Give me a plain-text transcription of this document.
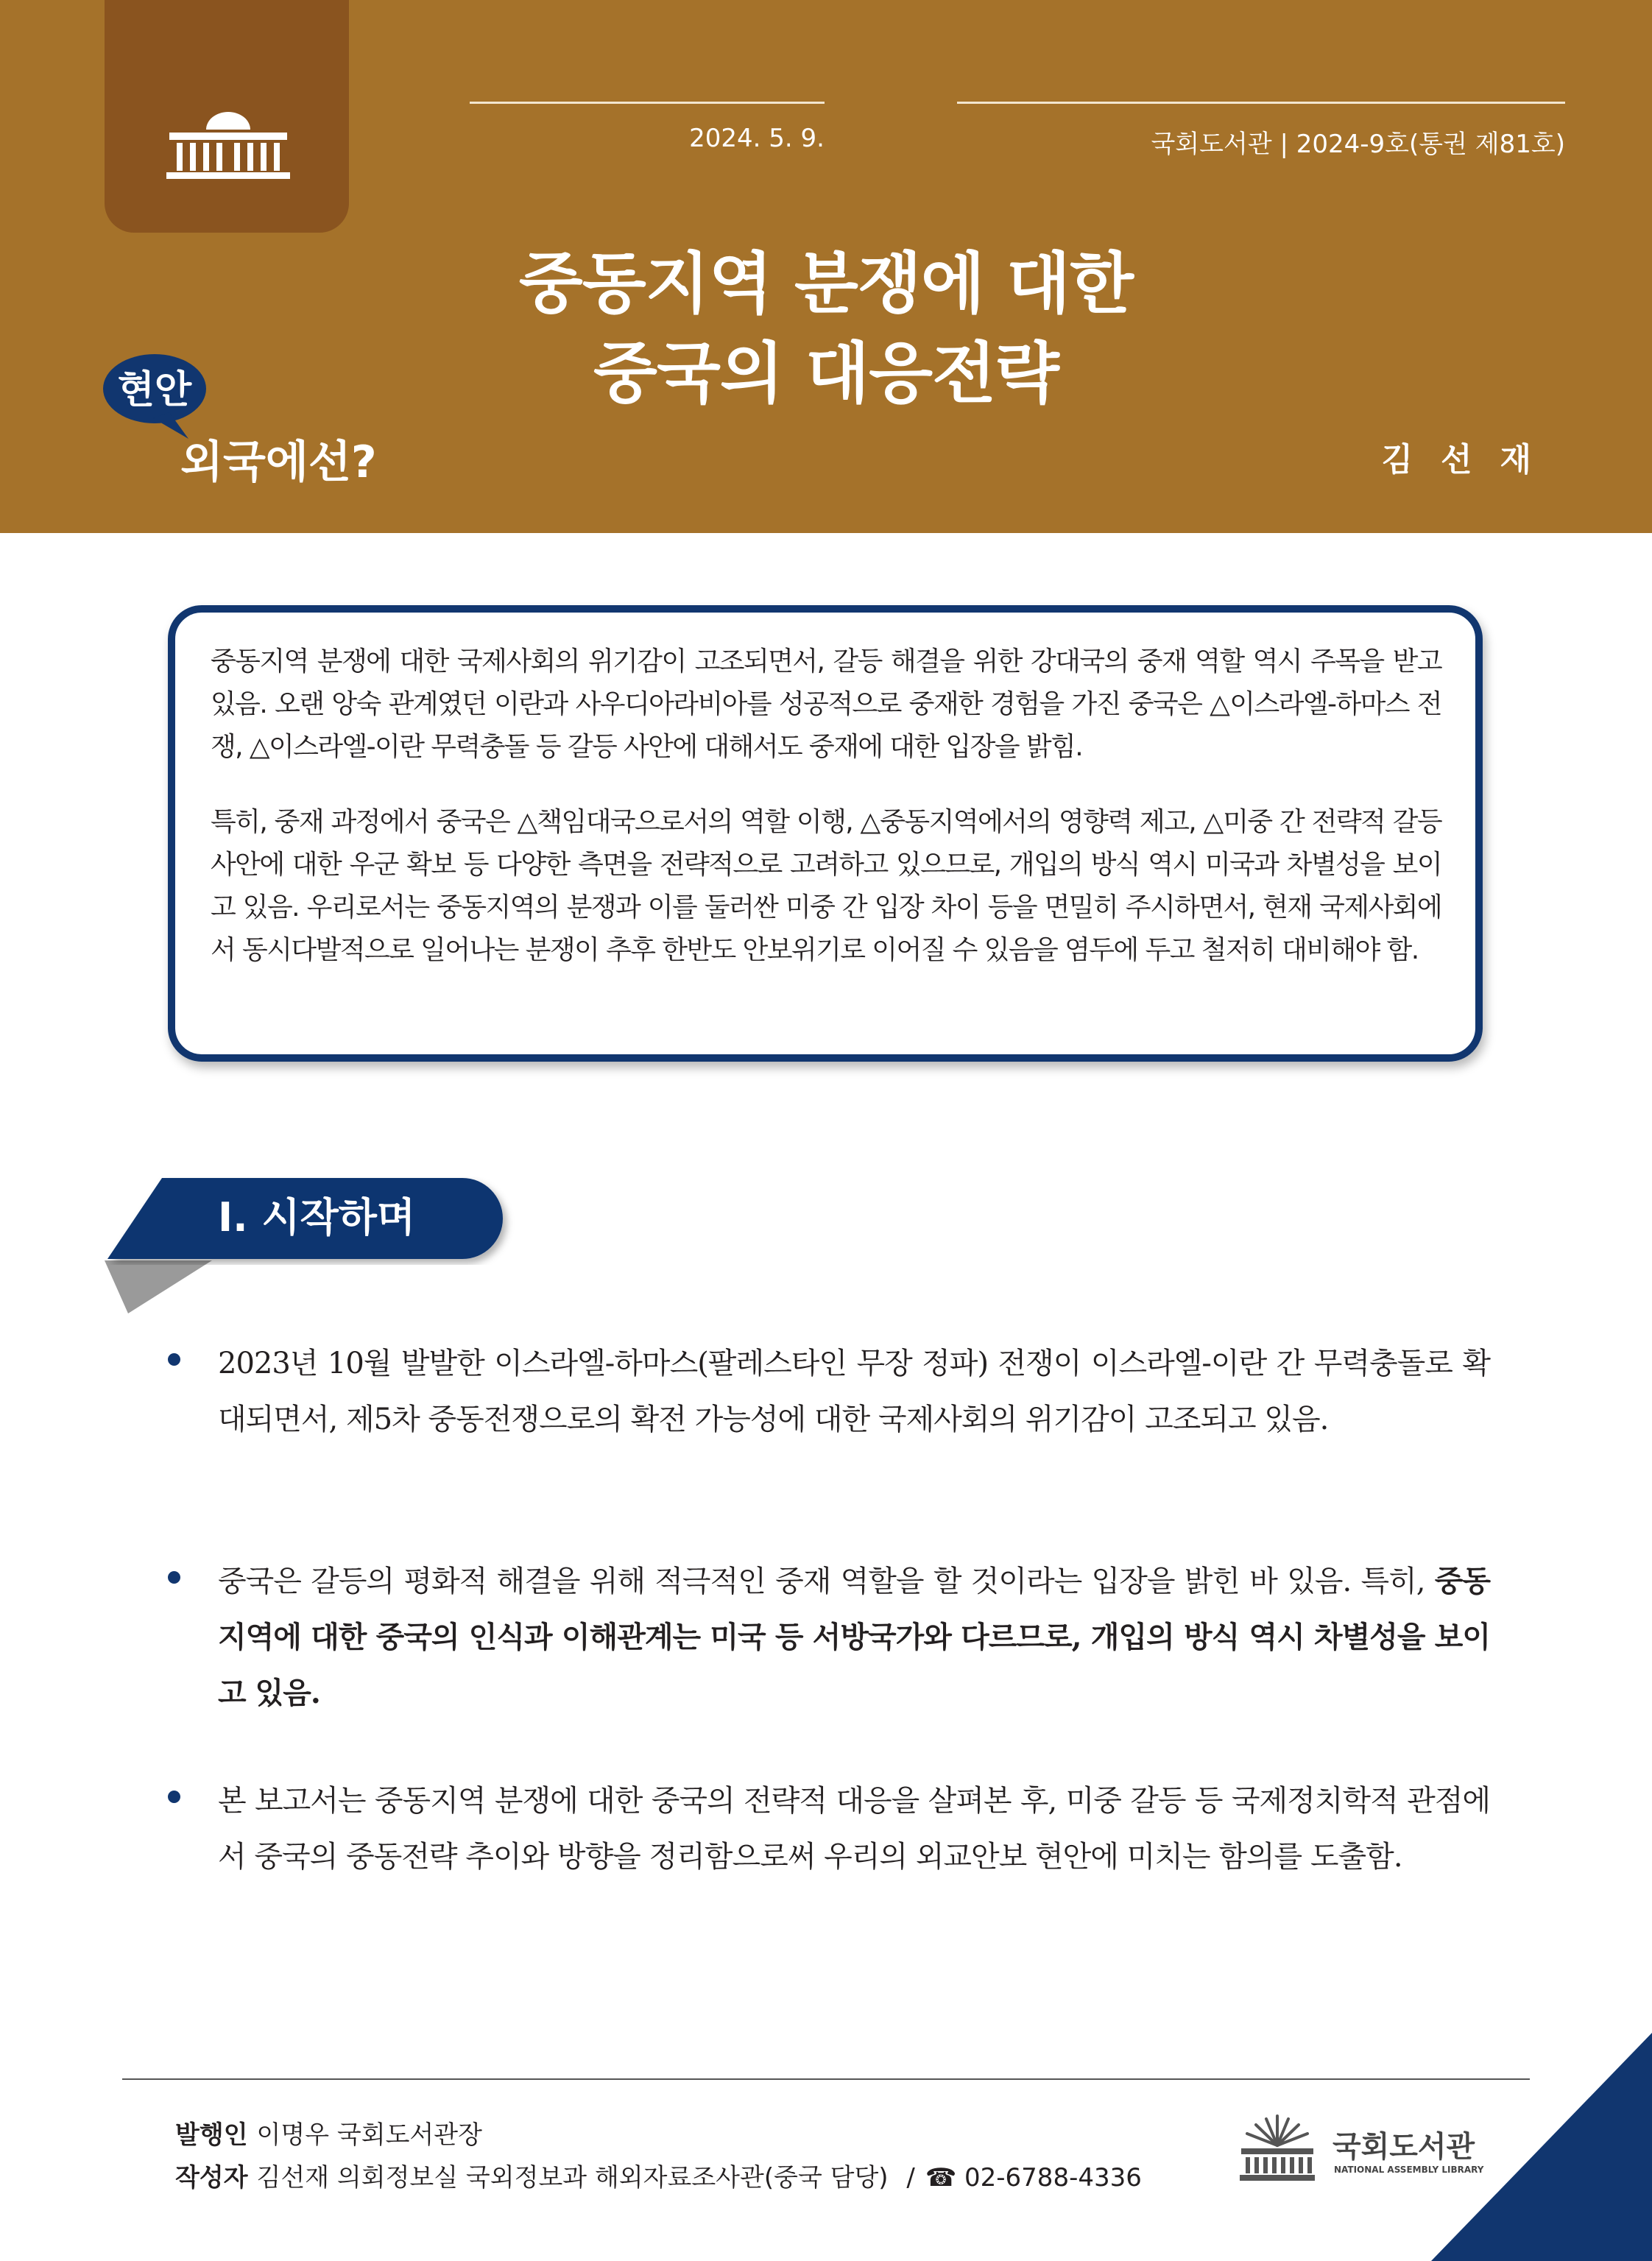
2024. 5. 9.	국회도서관 | 2024-9호(통권 제81호)
중동지역 분쟁에 대한
중국의 대응전략
현안
외국에선?	김선재

중동지역 분쟁에 대한 국제사회의 위기감이 고조되면서, 갈등 해결을 위한 강대국의 중재 역할 역시 주목을 받고 있음. 오랜 앙숙 관계였던 이란과 사우디아라비아를 성공적으로 중재한 경험을 가진 중국은 △이스라엘-하마스 전쟁, △이스라엘-이란 무력충돌 등 갈등 사안에 대해서도 중재에 대한 입장을 밝힘.

특히, 중재 과정에서 중국은 △책임대국으로서의 역할 이행, △중동지역에서의 영향력 제고, △미중 간 전략적 갈등 사안에 대한 우군 확보 등 다양한 측면을 전략적으로 고려하고 있으므로, 개입의 방식 역시 미국과 차별성을 보이고 있음. 우리로서는 중동지역의 분쟁과 이를 둘러싼 미중 간 입장 차이 등을 면밀히 주시하면서, 현재 국제사회에서 동시다발적으로 일어나는 분쟁이 추후 한반도 안보위기로 이어질 수 있음을 염두에 두고 철저히 대비해야 함.

Ⅰ. 시작하며
2023년 10월 발발한 이스라엘-하마스(팔레스타인 무장 정파) 전쟁이 이스라엘-이란 간 무력충돌로 확대되면서, 제5차 중동전쟁으로의 확전 가능성에 대한 국제사회의 위기감이 고조되고 있음.
중국은 갈등의 평화적 해결을 위해 적극적인 중재 역할을 할 것이라는 입장을 밝힌 바 있음. 특히, 중동지역에 대한 중국의 인식과 이해관계는 미국 등 서방국가와 다르므로, 개입의 방식 역시 차별성을 보이고 있음.
본 보고서는 중동지역 분쟁에 대한 중국의 전략적 대응을 살펴본 후, 미중 갈등 등 국제정치학적 관점에서 중국의 중동전략 추이와 방향을 정리함으로써 우리의 외교안보 현안에 미치는 함의를 도출함.
발행인 이명우 국회도서관장
작성자 김선재 의회정보실 국외정보과 해외자료조사관(중국 담당) / ☎ 02-6788-4336
국회도서관
NATIONAL ASSEMBLY LIBRARY
